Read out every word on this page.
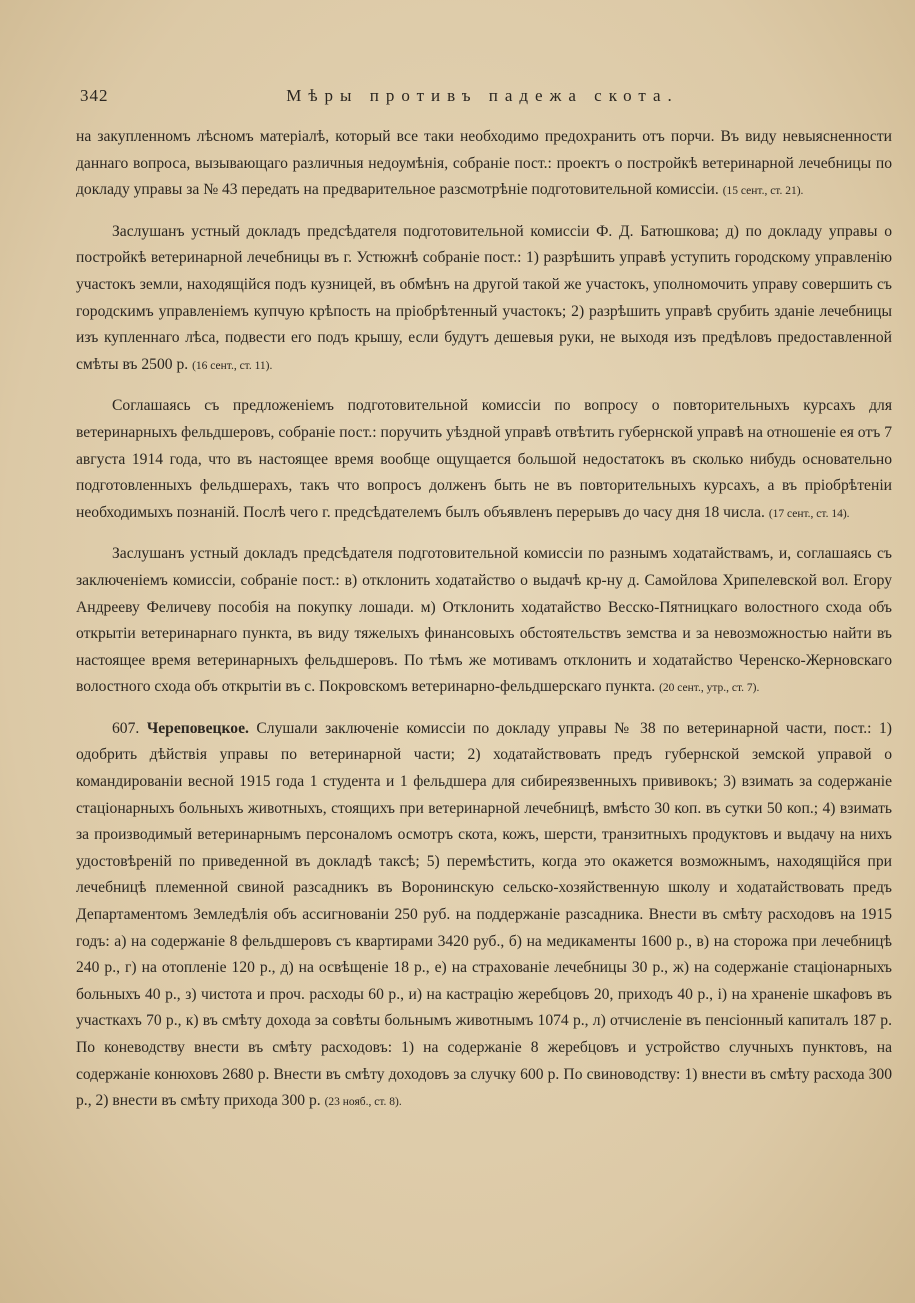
342	Мѣры противъ падежа скота.

на закупленномъ лѣсномъ матеріалѣ, который все таки необходимо предохранить отъ порчи. Въ виду невыясненности даннаго вопроса, вызывающаго различныя недоумѣнія, собраніе пост.: проектъ о постройкѣ ветеринарной лечебницы по докладу управы за № 43 передать на предварительное разсмотрѣніе подготовительной комиссіи. (15 сент., ст. 21).

Заслушанъ устный докладъ предсѣдателя подготовительной комиссіи Ф. Д. Батюшкова; д) по докладу управы о постройкѣ ветеринарной лечебницы въ г. Устюжнѣ собраніе пост.: 1) разрѣшить управѣ уступить городскому управленію участокъ земли, находящійся подъ кузницей, въ обмѣнъ на другой такой же участокъ, уполномочить управу совершить съ городскимъ управленіемъ купчую крѣпость на пріобрѣтенный участокъ; 2) разрѣшить управѣ срубить зданіе лечебницы изъ купленнаго лѣса, подвести его подъ крышу, если будутъ дешевыя руки, не выходя изъ предѣловъ предоставленной смѣты въ 2500 р. (16 сент., ст. 11).

Соглашаясь съ предложеніемъ подготовительной комиссіи по вопросу о повторительныхъ курсахъ для ветеринарныхъ фельдшеровъ, собраніе пост.: поручить уѣздной управѣ отвѣтить губернской управѣ на отношеніе ея отъ 7 августа 1914 года, что въ настоящее время вообще ощущается большой недостатокъ въ сколько нибудь основательно подготовленныхъ фельдшерахъ, такъ что вопросъ долженъ быть не въ повторительныхъ курсахъ, а въ пріобрѣтеніи необходимыхъ познаній. Послѣ чего г. предсѣдателемъ былъ объявленъ перерывъ до часу дня 18 числа. (17 сент., ст. 14).

Заслушанъ устный докладъ предсѣдателя подготовительной комиссіи по разнымъ ходатайствамъ, и, соглашаясь съ заключеніемъ комиссіи, собраніе пост.: в) отклонить ходатайство о выдачѣ кр-ну д. Самойлова Хрипелевской вол. Егору Андрееву Феличеву пособія на покупку лошади. м) Отклонить ходатайство Весско-Пятницкаго волостного схода объ открытіи ветеринарнаго пункта, въ виду тяжелыхъ финансовыхъ обстоятельствъ земства и за невозможностью найти въ настоящее время ветеринарныхъ фельдшеровъ. По тѣмъ же мотивамъ отклонить и ходатайство Черенско-Жерновскаго волостного схода объ открытіи въ с. Покровскомъ ветеринарно-фельдшерскаго пункта. (20 сент., утр., ст. 7).

607. Череповецкое. Слушали заключеніе комиссіи по докладу управы № 38 по ветеринарной части, пост.: 1) одобрить дѣйствія управы по ветеринарной части; 2) ходатайствовать предъ губернской земской управой о командированіи весной 1915 года 1 студента и 1 фельдшера для сибиреязвенныхъ прививокъ; 3) взимать за содержаніе стаціонарныхъ больныхъ животныхъ, стоящихъ при ветеринарной лечебницѣ, вмѣсто 30 коп. въ сутки 50 коп.; 4) взимать за производимый ветеринарнымъ персоналомъ осмотръ скота, кожъ, шерсти, транзитныхъ продуктовъ и выдачу на нихъ удостовѣреній по приведенной въ докладѣ таксѣ; 5) перемѣстить, когда это окажется возможнымъ, находящійся при лечебницѣ племенной свиной разсадникъ въ Воронинскую сельско-хозяйственную школу и ходатайствовать предъ Департаментомъ Земледѣлія объ ассигнованіи 250 руб. на поддержаніе разсадника. Внести въ смѣту расходовъ на 1915 годъ: а) на содержаніе 8 фельдшеровъ съ квартирами 3420 руб., б) на медикаменты 1600 р., в) на сторожа при лечебницѣ 240 р., г) на отопленіе 120 р., д) на освѣщеніе 18 р., е) на страхованіе лечебницы 30 р., ж) на содержаніе стаціонарныхъ больныхъ 40 р., з) чистота и проч. расходы 60 р., и) на кастрацію жеребцовъ 20, приходъ 40 р., і) на храненіе шкафовъ въ участкахъ 70 р., к) въ смѣту дохода за совѣты больнымъ животнымъ 1074 р., л) отчисленіе въ пенсіонный капиталъ 187 р. По коневодству внести въ смѣту расходовъ: 1) на содержаніе 8 жеребцовъ и устройство случныхъ пунктовъ, на содержаніе конюховъ 2680 р. Внести въ смѣту доходовъ за случку 600 р. По свиноводству: 1) внести въ смѣту расхода 300 р., 2) внести въ смѣту прихода 300 р. (23 нояб., ст. 8).
